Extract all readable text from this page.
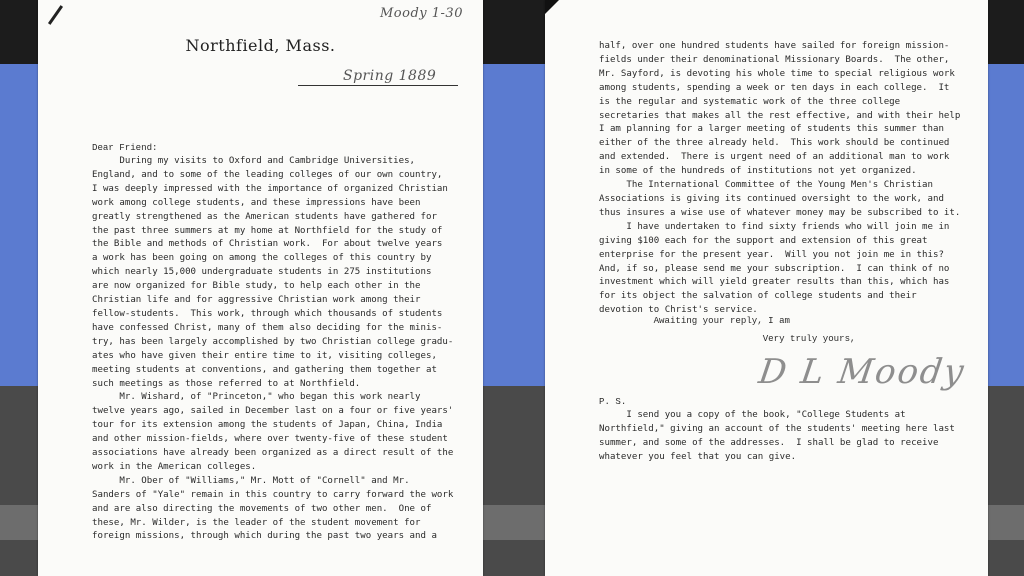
Moody 1-30
Northfield, Mass.
Spring 1889
Dear Friend:
During my visits to Oxford and Cambridge Universities,
England, and to some of the leading colleges of our own country,
I was deeply impressed with the importance of organized Christian
work among college students, and these impressions have been
greatly strengthened as the American students have gathered for
the past three summers at my home at Northfield for the study of
the Bible and methods of Christian work.  For about twelve years
a work has been going on among the colleges of this country by
which nearly 15,000 undergraduate students in 275 institutions
are now organized for Bible study, to help each other in the
Christian life and for aggressive Christian work among their
fellow-students.  This work, through which thousands of students
have confessed Christ, many of them also deciding for the minis-
try, has been largely accomplished by two Christian college gradu-
ates who have given their entire time to it, visiting colleges,
meeting students at conventions, and gathering them together at
such meetings as those referred to at Northfield.
Mr. Wishard, of "Princeton," who began this work nearly
twelve years ago, sailed in December last on a four or five years'
tour for its extension among the students of Japan, China, India
and other mission-fields, where over twenty-five of these student
associations have already been organized as a direct result of the
work in the American colleges.
Mr. Ober of "Williams," Mr. Mott of "Cornell" and Mr.
Sanders of "Yale" remain in this country to carry forward the work
and are also directing the movements of two other men.  One of
these, Mr. Wilder, is the leader of the student movement for
foreign missions, through which during the past two years and a
half, over one hundred students have sailed for foreign mission-
fields under their denominational Missionary Boards.  The other,
Mr. Sayford, is devoting his whole time to special religious work
among students, spending a week or ten days in each college.  It
is the regular and systematic work of the three college
secretaries that makes all the rest effective, and with their help
I am planning for a larger meeting of students this summer than
either of the three already held.  This work should be continued
and extended.  There is urgent need of an additional man to work
in some of the hundreds of institutions not yet organized.
The International Committee of the Young Men's Christian
Associations is giving its continued oversight to the work, and
thus insures a wise use of whatever money may be subscribed to it.
I have undertaken to find sixty friends who will join me in
giving $100 each for the support and extension of this great
enterprise for the present year.  Will you not join me in this?
And, if so, please send me your subscription.  I can think of no
investment which will yield greater results than this, which has
for its object the salvation of college students and their
devotion to Christ's service.
Awaiting your reply, I am
Very truly yours,
D L Moody
P. S.
I send you a copy of the book, "College Students at
Northfield," giving an account of the students' meeting here last
summer, and some of the addresses.  I shall be glad to receive
whatever you feel that you can give.
